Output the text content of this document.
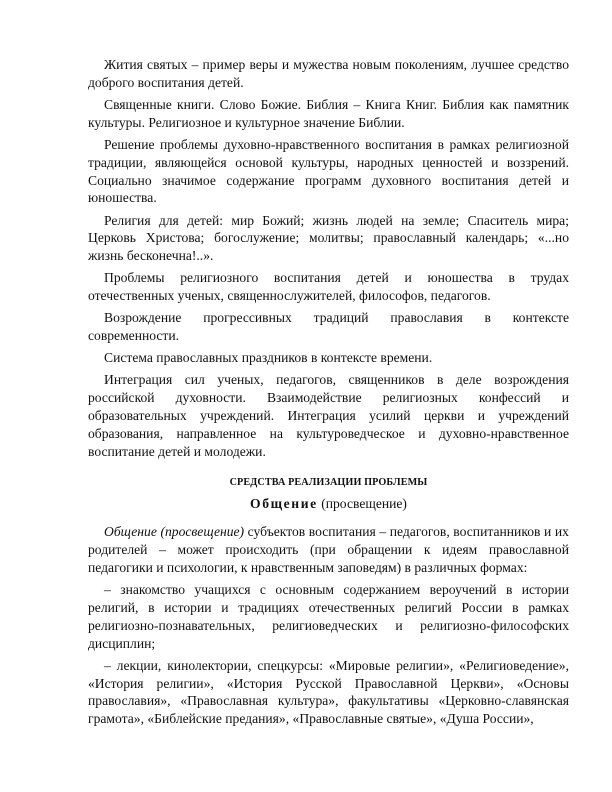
Жития святых – пример веры и мужества новым поколениям, лучшее средство доброго воспитания детей.

Священные книги. Слово Божие. Библия – Книга Книг. Библия как памятник культуры. Религиозное и культурное значение Библии.

Решение проблемы духовно-нравственного воспитания в рамках религиозной традиции, являющейся основой культуры, народных ценностей и воззрений. Социально значимое содержание программ духовного воспитания детей и юношества.

Религия для детей: мир Божий; жизнь людей на земле; Спаситель мира; Церковь Христова; богослужение; молитвы; православный календарь; «...но жизнь бесконечна!..».

Проблемы религиозного воспитания детей и юношества в трудах отечественных ученых, священнослужителей, философов, педагогов.

Возрождение прогрессивных традиций православия в контексте современности.

Система православных праздников в контексте времени.

Интеграция сил ученых, педагогов, священников в деле возрождения российской духовности. Взаимодействие религиозных конфессий и образовательных учреждений. Интеграция усилий церкви и учреждений образования, направленное на культуроведческое и духовно-нравственное воспитание детей и молодежи.

СРЕДСТВА РЕАЛИЗАЦИИ ПРОБЛЕМЫ
Общение (просвещение)

Общение (просвещение) субъектов воспитания – педагогов, воспитанников и их родителей – может происходить (при обращении к идеям православной педагогики и психологии, к нравственным заповедям) в различных формах:

– знакомство учащихся с основным содержанием вероучений в истории религий, в истории и традициях отечественных религий России в рамках религиозно-познавательных, религиоведческих и религиозно-философских дисциплин;

– лекции, кинолектории, спецкурсы: «Мировые религии», «Религиоведение», «История религии», «История Русской Православной Церкви», «Основы православия», «Православная культура», факультативы «Церковно-славянская грамота», «Библейские предания», «Православные святые», «Душа России»,
